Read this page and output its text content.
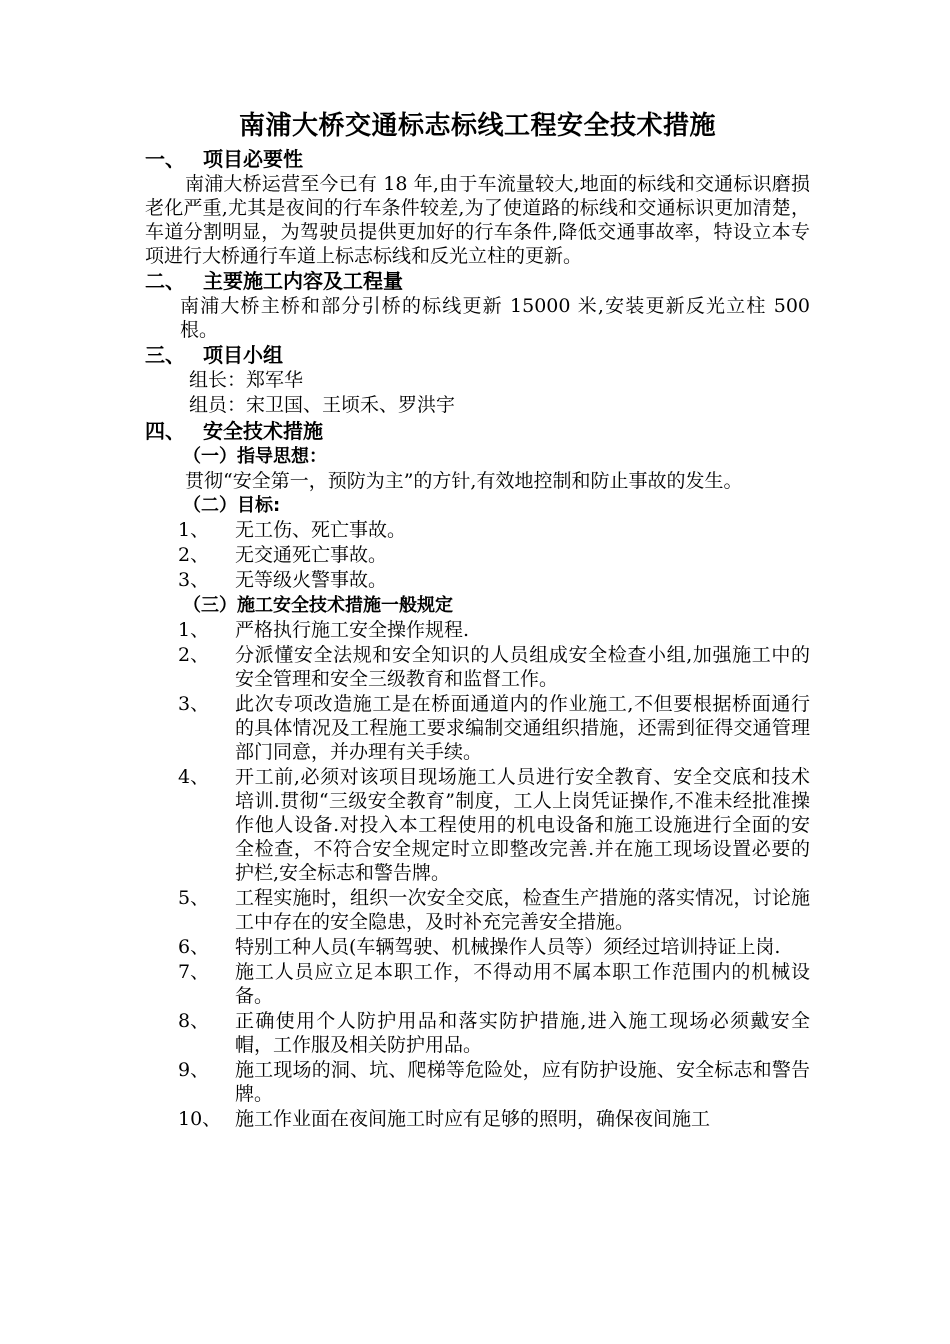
南浦大桥交通标志标线工程安全技术措施
一、 项目必要性

南浦大桥运营至今已有 18 年,由于车流量较大,地面的标线和交通标识磨损老化严重,尤其是夜间的行车条件较差,为了使道路的标线和交通标识更加清楚，车道分割明显，为驾驶员提供更加好的行车条件,降低交通事故率，特设立本专项进行大桥通行车道上标志标线和反光立柱的更新。

二、 主要施工内容及工程量

南浦大桥主桥和部分引桥的标线更新 15000 米,安装更新反光立柱 500 根。

三、 项目小组
组长：郑军华
组员：宋卫国、王顷禾、罗洪宇
四、 安全技术措施
（一）指导思想：

贯彻“安全第一，预防为主”的方针,有效地控制和防止事故的发生。

（二）目标:
1、	无工伤、死亡事故。
2、	无交通死亡事故。
3、	无等级火警事故。
（三）施工安全技术措施一般规定
1、	严格执行施工安全操作规程.
2、	分派懂安全法规和安全知识的人员组成安全检查小组,加强施工中的安全管理和安全三级教育和监督工作。
3、	此次专项改造施工是在桥面通道内的作业施工,不但要根据桥面通行的具体情况及工程施工要求编制交通组织措施，还需到征得交通管理部门同意，并办理有关手续。
4、	开工前,必须对该项目现场施工人员进行安全教育、安全交底和技术培训.贯彻“三级安全教育”制度，工人上岗凭证操作,不准未经批准操作他人设备.对投入本工程使用的机电设备和施工设施进行全面的安全检查，不符合安全规定时立即整改完善.并在施工现场设置必要的护栏,安全标志和警告牌。
5、	工程实施时，组织一次安全交底，检查生产措施的落实情况，讨论施工中存在的安全隐患，及时补充完善安全措施。
6、	特别工种人员(车辆驾驶、机械操作人员等）须经过培训持证上岗.
7、	施工人员应立足本职工作，不得动用不属本职工作范围内的机械设备。
8、	正确使用个人防护用品和落实防护措施,进入施工现场必须戴安全帽，工作服及相关防护用品。
9、	施工现场的洞、坑、爬梯等危险处，应有防护设施、安全标志和警告牌。
10、 施工作业面在夜间施工时应有足够的照明，确保夜间施工
